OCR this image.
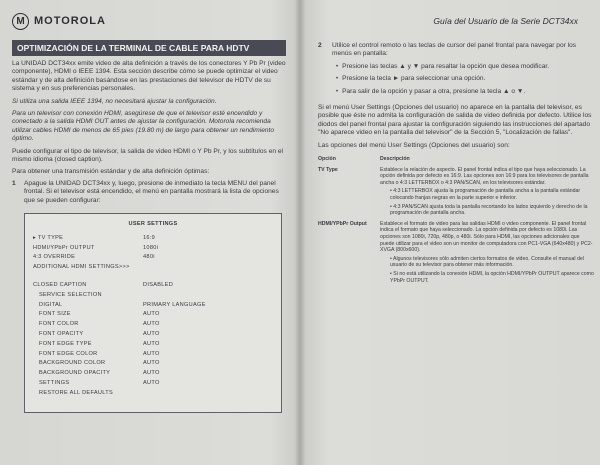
M MOTOROLA
OPTIMIZACIÓN DE LA TERMINAL DE CABLE PARA HDTV

La UNIDAD DCT34xx emite video de alta definición a través de los conectores Y Pb Pr (video componente), HDMI o IEEE 1394. Esta sección describe cómo se puede optimizar el video estándar y de alta definición basándose en las prestaciones del televisor de HDTV de su sistema y en sus preferencias personales.

Si utiliza una salida IEEE 1394, no necesitará ajustar la configuración.

Para un televisor con conexión HDMI, asegúrese de que el televisor esté encendido y conectado a la salida HDMI OUT antes de ajustar la configuración. Motorola recomienda utilizar cables HDMI de menos de 65 pies (19.80 m) de largo para obtener un rendimiento óptimo.

Puede configurar el tipo de televisor, la salida de video HDMI o Y Pb Pr, y los subtítulos en el mismo idioma (closed caption).

Para obtener una transmisión estándar y de alta definición óptimas:

1	Apague la UNIDAD DCT34xx y, luego, presione de inmediato la tecla MENU del panel frontal. Si el televisor está encendido, el menú en pantalla mostrará la lista de opciones que se pueden configurar:
USER SETTINGS
▸ TV TYPE	16:9
HDMI/YPbPr OUTPUT	1080i
4:3 OVERRIDE	480i
ADDITIONAL HDMI SETTINGS>>>
CLOSED CAPTION	DISABLED
SERVICE SELECTION
DIGITAL	PRIMARY LANGUAGE
FONT SIZE	AUTO
FONT COLOR	AUTO
FONT OPACITY	AUTO
FONT EDGE TYPE	AUTO
FONT EDGE COLOR	AUTO
BACKGROUND COLOR	AUTO
BACKGROUND OPACITY	AUTO
SETTINGS	AUTO
RESTORE ALL DEFAULTS
Guía del Usuario de la Serie DCT34xx
2	Utilice el control remoto o las teclas de cursor del panel frontal para navegar por los menús en pantalla:
• Presione las teclas ▲ y ▼ para resaltar la opción que desea modificar.
• Presione la tecla ► para seleccionar una opción.
• Para salir de la opción y pasar a otra, presione la tecla ▲ o ▼.

Si el menú User Settings (Opciones del usuario) no aparece en la pantalla del televisor, es posible que éste no admita la configuración de salida de video definida por defecto. Utilice los diodos del panel frontal para ajustar la configuración siguiendo las instrucciones del apartado "No aparece video en la pantalla del televisor" de la Sección 5, "Localización de fallas".

Las opciones del menú User Settings (Opciones del usuario) son:

Opción	Descripción
TV Type	Establece la relación de aspecto. El panel frontal indica el tipo que haya seleccionado. La opción definida por defecto es 16:9. Las opciones son 16:9 para los televisores de pantalla ancha o 4:3 LETTERBOX o 4:3 PAN/SCAN, en los televisores estándar.
• 4:3 LETTERBOX ajusta la programación de pantalla ancha a la pantalla estándar colocando franjas negras en la parte superior e inferior.
• 4:3 PAN/SCAN ajusta toda la pantalla recortando los lados izquierdo y derecho de la programación de pantalla ancha.
HDMI/YPbPr Output	Establece el formato de video para las salidas HDMI o video componente. El panel frontal indica el formato que haya seleccionado. La opción definida por defecto es 1080i. Las opciones son 1080i, 720p, 480p, o 480i. Sólo para HDMI, las opciones adicionales que puede utilizar para el video son un monitor de computadora con PC1-VGA (640x480) y PC2-XVGA (800x600).
• Algunos televisores sólo admiten ciertos formatos de video. Consulte el manual del usuario de su televisor para obtener más información.
• Si no está utilizando la conexión HDMI, la opción HDMI/YPbPr OUTPUT aparece como YPbPr OUTPUT.
